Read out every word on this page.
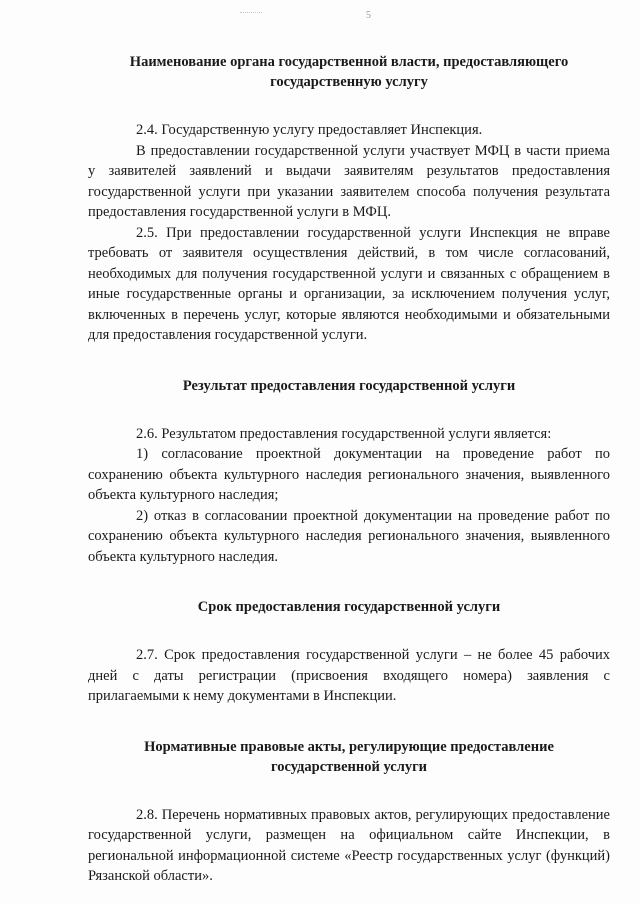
5
Наименование органа государственной власти, предоставляющего государственную услугу

2.4. Государственную услугу предоставляет Инспекция.

В предоставлении государственной услуги участвует МФЦ в части приема у заявителей заявлений и выдачи заявителям результатов предоставления государственной услуги при указании заявителем способа получения результата предоставления государственной услуги в МФЦ.

2.5. При предоставлении государственной услуги Инспекция не вправе требовать от заявителя осуществления действий, в том числе согласований, необходимых для получения государственной услуги и связанных с обращением в иные государственные органы и организации, за исключением получения услуг, включенных в перечень услуг, которые являются необходимыми и обязательными для предоставления государственной услуги.

Результат предоставления государственной услуги

2.6. Результатом предоставления государственной услуги является:

1) согласование проектной документации на проведение работ по сохранению объекта культурного наследия регионального значения, выявленного объекта культурного наследия;

2) отказ в согласовании проектной документации на проведение работ по сохранению объекта культурного наследия регионального значения, выявленного объекта культурного наследия.

Срок предоставления государственной услуги

2.7. Срок предоставления государственной услуги – не более 45 рабочих дней с даты регистрации (присвоения входящего номера) заявления с прилагаемыми к нему документами в Инспекции.

Нормативные правовые акты, регулирующие предоставление государственной услуги

2.8. Перечень нормативных правовых актов, регулирующих предоставление государственной услуги, размещен на официальном сайте Инспекции, в региональной информационной системе «Реестр государственных услуг (функций) Рязанской области».
